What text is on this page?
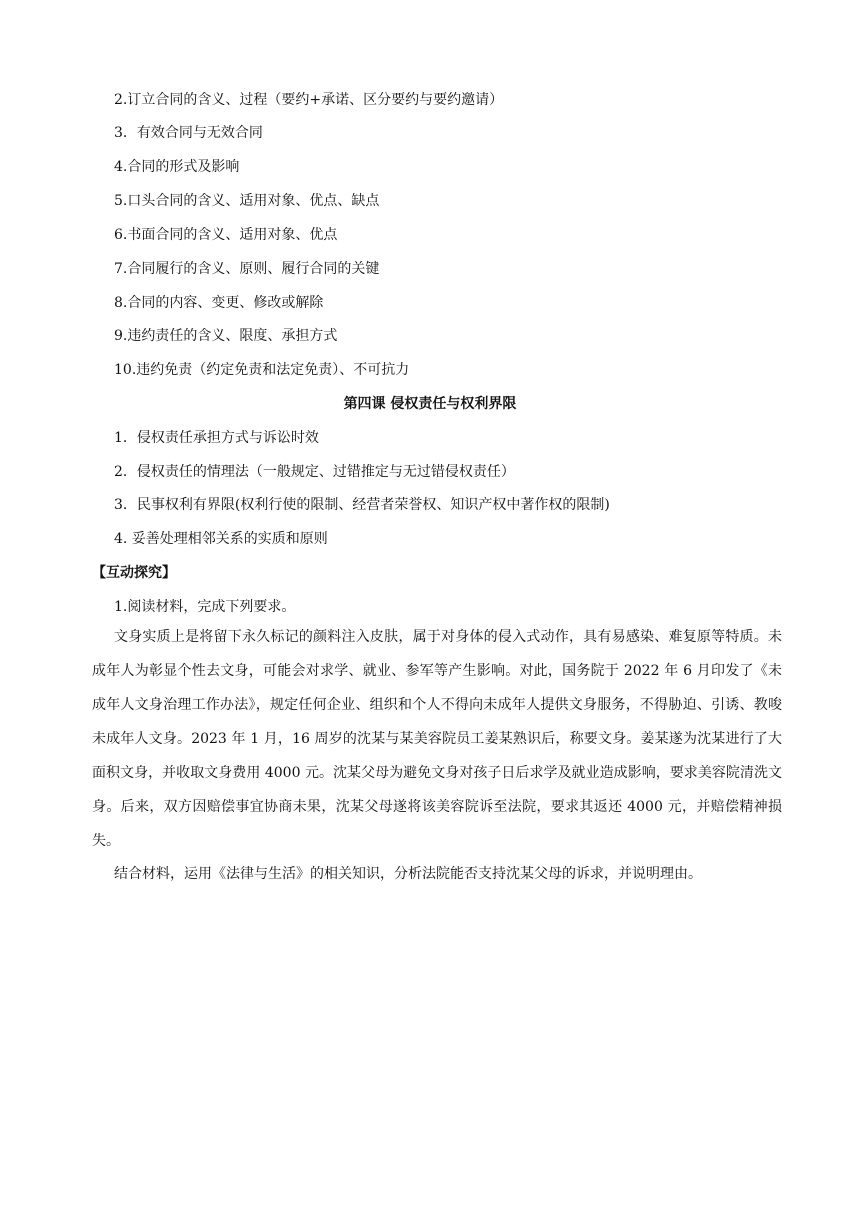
2.订立合同的含义、过程（要约+承诺、区分要约与要约邀请）
3．有效合同与无效合同
4.合同的形式及影响
5.口头合同的含义、适用对象、优点、缺点
6.书面合同的含义、适用对象、优点
7.合同履行的含义、原则、履行合同的关键
8.合同的内容、变更、修改或解除
9.违约责任的含义、限度、承担方式
10.违约免责（约定免责和法定免责）、不可抗力
第四课 侵权责任与权利界限
1．侵权责任承担方式与诉讼时效
2．侵权责任的情理法（一般规定、过错推定与无过错侵权责任）
3．民事权利有界限(权利行使的限制、经营者荣誉权、知识产权中著作权的限制)
4. 妥善处理相邻关系的实质和原则
【互动探究】
1.阅读材料，完成下列要求。

文身实质上是将留下永久标记的颜料注入皮肤，属于对身体的侵入式动作，具有易感染、难复原等特质。未成年人为彰显个性去文身，可能会对求学、就业、参军等产生影响。对此，国务院于 2022 年 6 月印发了《未成年人文身治理工作办法》，规定任何企业、组织和个人不得向未成年人提供文身服务，不得胁迫、引诱、教唆未成年人文身。2023 年 1 月，16 周岁的沈某与某美容院员工姜某熟识后，称要文身。姜某遂为沈某进行了大面积文身，并收取文身费用 4000 元。沈某父母为避免文身对孩子日后求学及就业造成影响，要求美容院清洗文身。后来，双方因赔偿事宜协商未果，沈某父母遂将该美容院诉至法院，要求其返还 4000 元，并赔偿精神损失。

结合材料，运用《法律与生活》的相关知识，分析法院能否支持沈某父母的诉求，并说明理由。
